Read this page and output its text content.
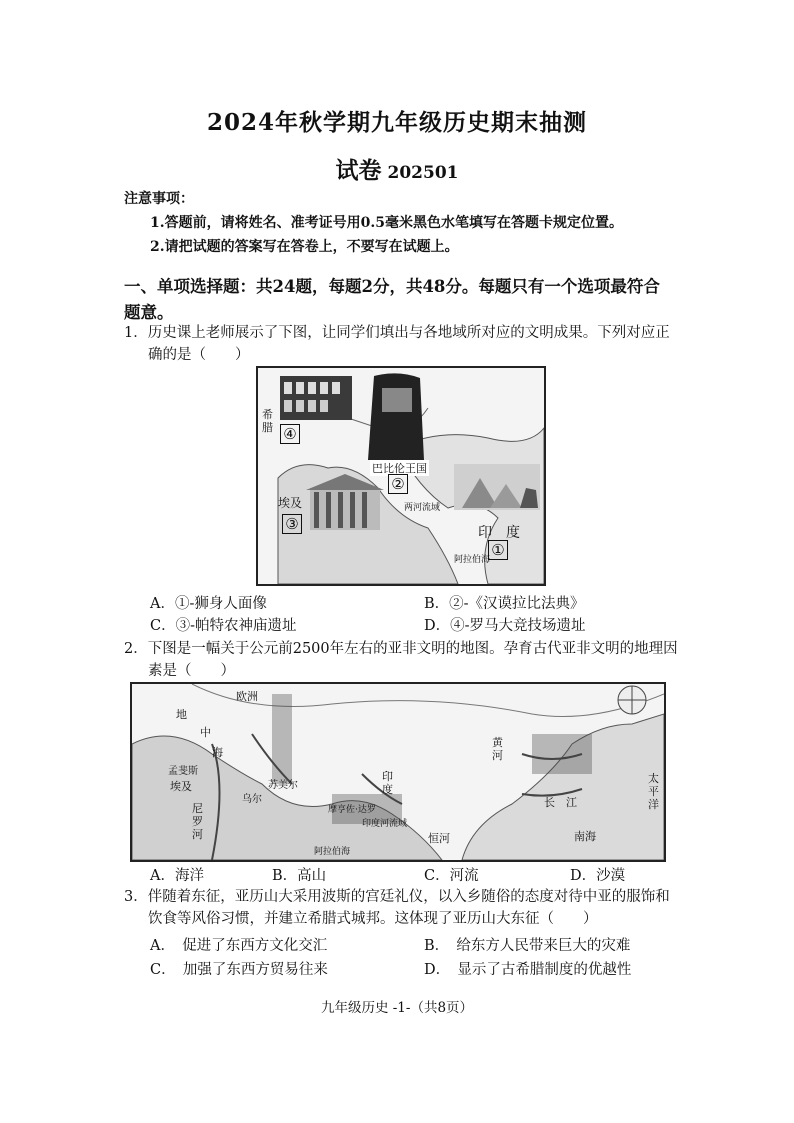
2024年秋学期九年级历史期末抽测
试卷 202501
注意事项：
1.答题前，请将姓名、准考证号用0.5毫米黑色水笔填写在答题卡规定位置。
2.请把试题的答案写在答卷上，不要写在试题上。
一、单项选择题：共24题，每题2分，共48分。每题只有一个选项最符合
题意。
1．历史课上老师展示了下图，让同学们填出与各地域所对应的文明成果。下列对应正
确的是（　　）
希腊 ④
巴比伦王国
②
埃及
③
两河流域
印　度
阿拉伯海
①
A．①-狮身人面像	B．②-《汉谟拉比法典》
C．③-帕特农神庙遗址	D．④-罗马大竞技场遗址
2．下图是一幅关于公元前2500年左右的亚非文明的地图。孕育古代亚非文明的地理因
素是（　　）
欧洲
地
中
海
孟斐斯
埃及	苏美尔
乌尔
尼罗河
摩亨佐·达罗
印度河流域
印度
恒河
黄河
长　江
太平洋
南海
阿拉伯海
A．海洋	B．高山	C．河流	D．沙漠
3．伴随着东征，亚历山大采用波斯的宫廷礼仪，以入乡随俗的态度对待中亚的服饰和
饮食等风俗习惯，并建立希腊式城邦。这体现了亚历山大东征（　　）
A．　促进了东西方文化交汇	B．　给东方人民带来巨大的灾难
C．　加强了东西方贸易往来	D．　显示了古希腊制度的优越性
九年级历史 -1-（共8页）
